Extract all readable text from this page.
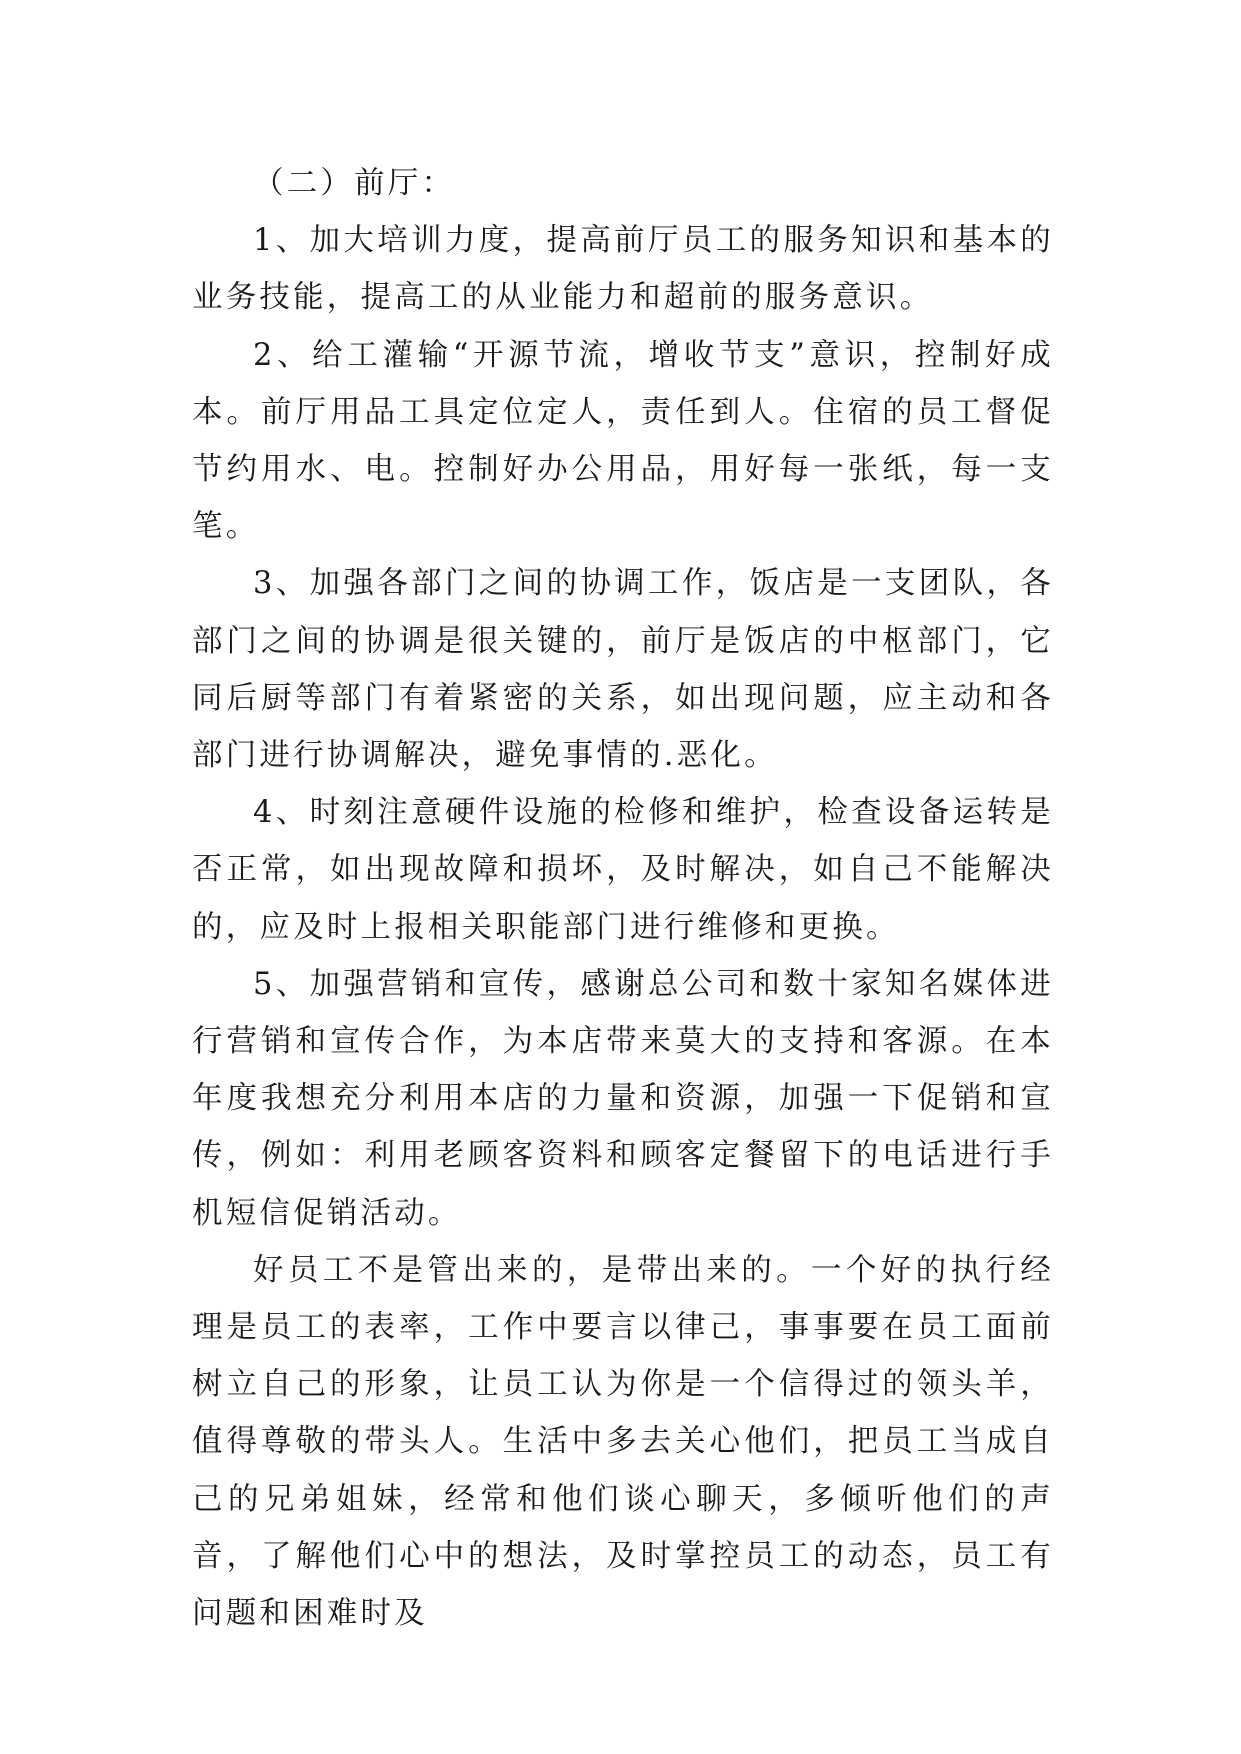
（二）前厅：

1、加大培训力度，提高前厅员工的服务知识和基本的业务技能，提高工的从业能力和超前的服务意识。

2、给工灌输“开源节流，增收节支”意识，控制好成本。前厅用品工具定位定人，责任到人。住宿的员工督促节约用水、电。控制好办公用品，用好每一张纸，每一支笔。

3、加强各部门之间的协调工作，饭店是一支团队，各部门之间的协调是很关键的，前厅是饭店的中枢部门，它同后厨等部门有着紧密的关系，如出现问题，应主动和各部门进行协调解决，避免事情的.恶化。

4、时刻注意硬件设施的检修和维护，检查设备运转是否正常，如出现故障和损坏，及时解决，如自己不能解决的，应及时上报相关职能部门进行维修和更换。

5、加强营销和宣传，感谢总公司和数十家知名媒体进行营销和宣传合作，为本店带来莫大的支持和客源。在本年度我想充分利用本店的力量和资源，加强一下促销和宣传，例如：利用老顾客资料和顾客定餐留下的电话进行手机短信促销活动。

好员工不是管出来的，是带出来的。一个好的执行经理是员工的表率，工作中要言以律己，事事要在员工面前树立自己的形象，让员工认为你是一个信得过的领头羊，值得尊敬的带头人。生活中多去关心他们，把员工当成自己的兄弟姐妹，经常和他们谈心聊天，多倾听他们的声音，了解他们心中的想法，及时掌控员工的动态，员工有问题和困难时及
